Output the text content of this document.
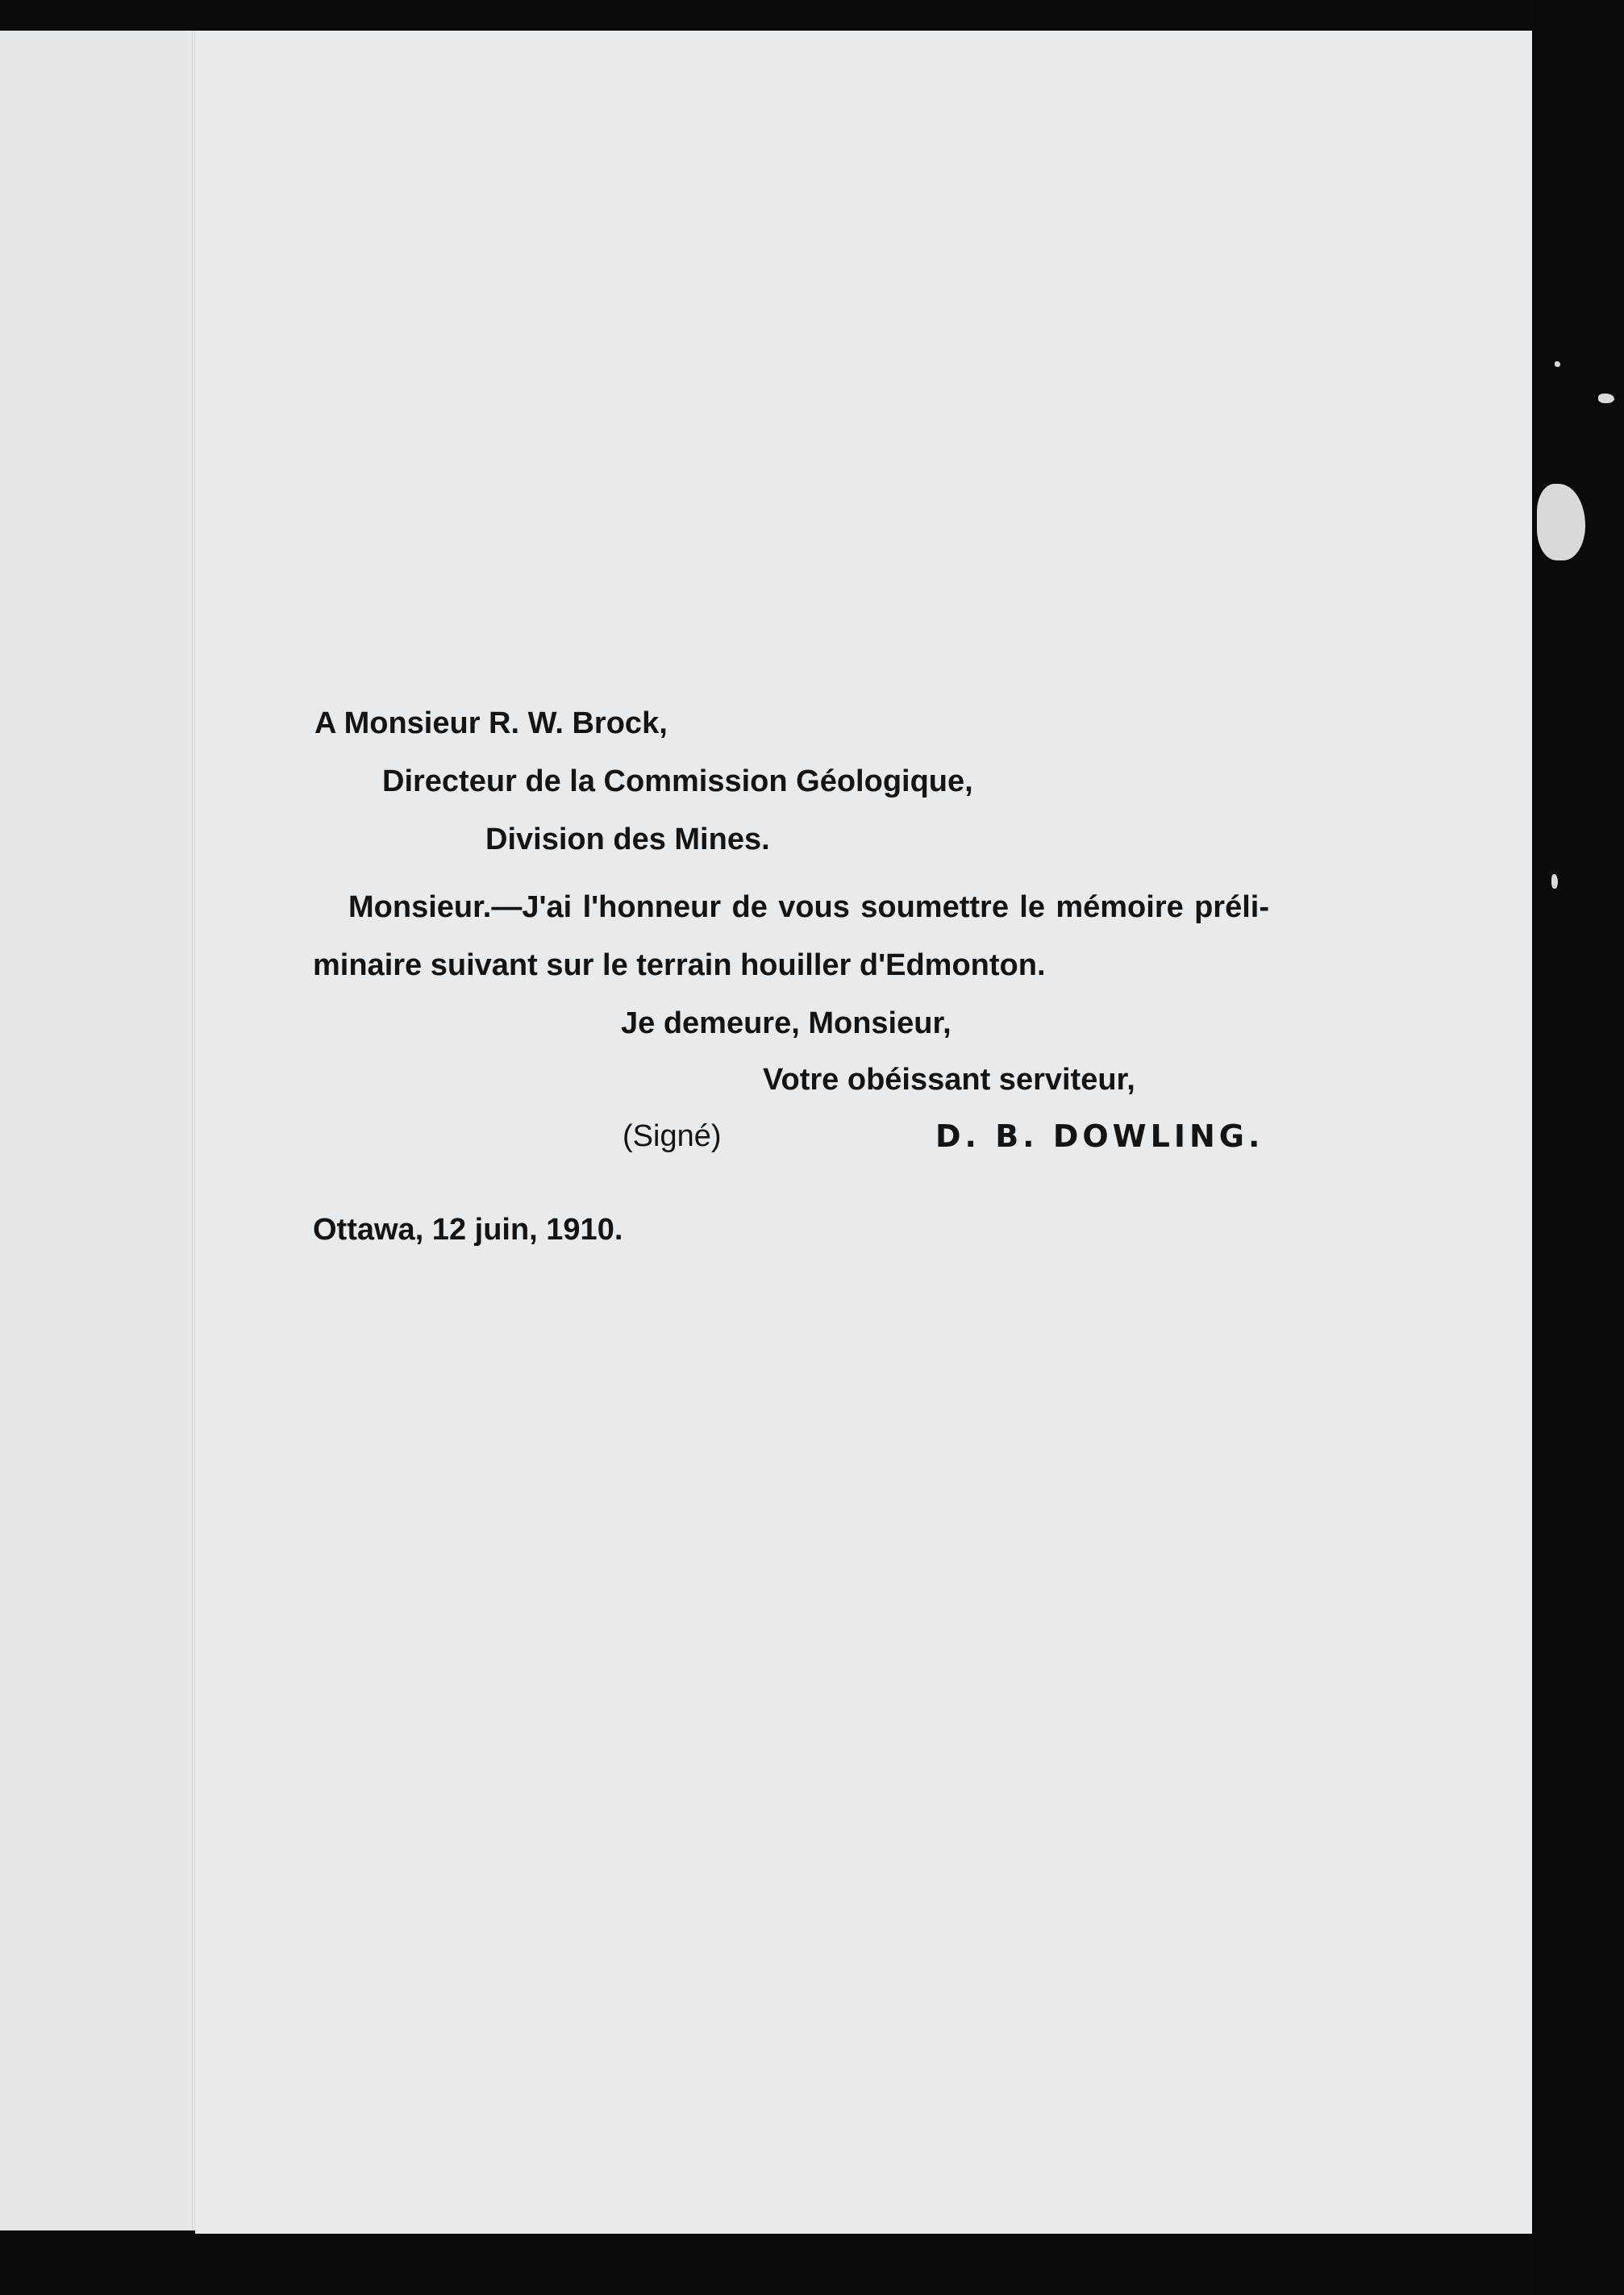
A Monsieur R. W. Brock,

Directeur de la Commission Géologique,

Division des Mines.

Monsieur.—J'ai l'honneur de vous soumettre le mémoire préli-

minaire suivant sur le terrain houiller d'Edmonton.

Je demeure, Monsieur,

Votre obéissant serviteur,

(Signé)	D. B. DOWLING.

Ottawa, 12 juin, 1910.
